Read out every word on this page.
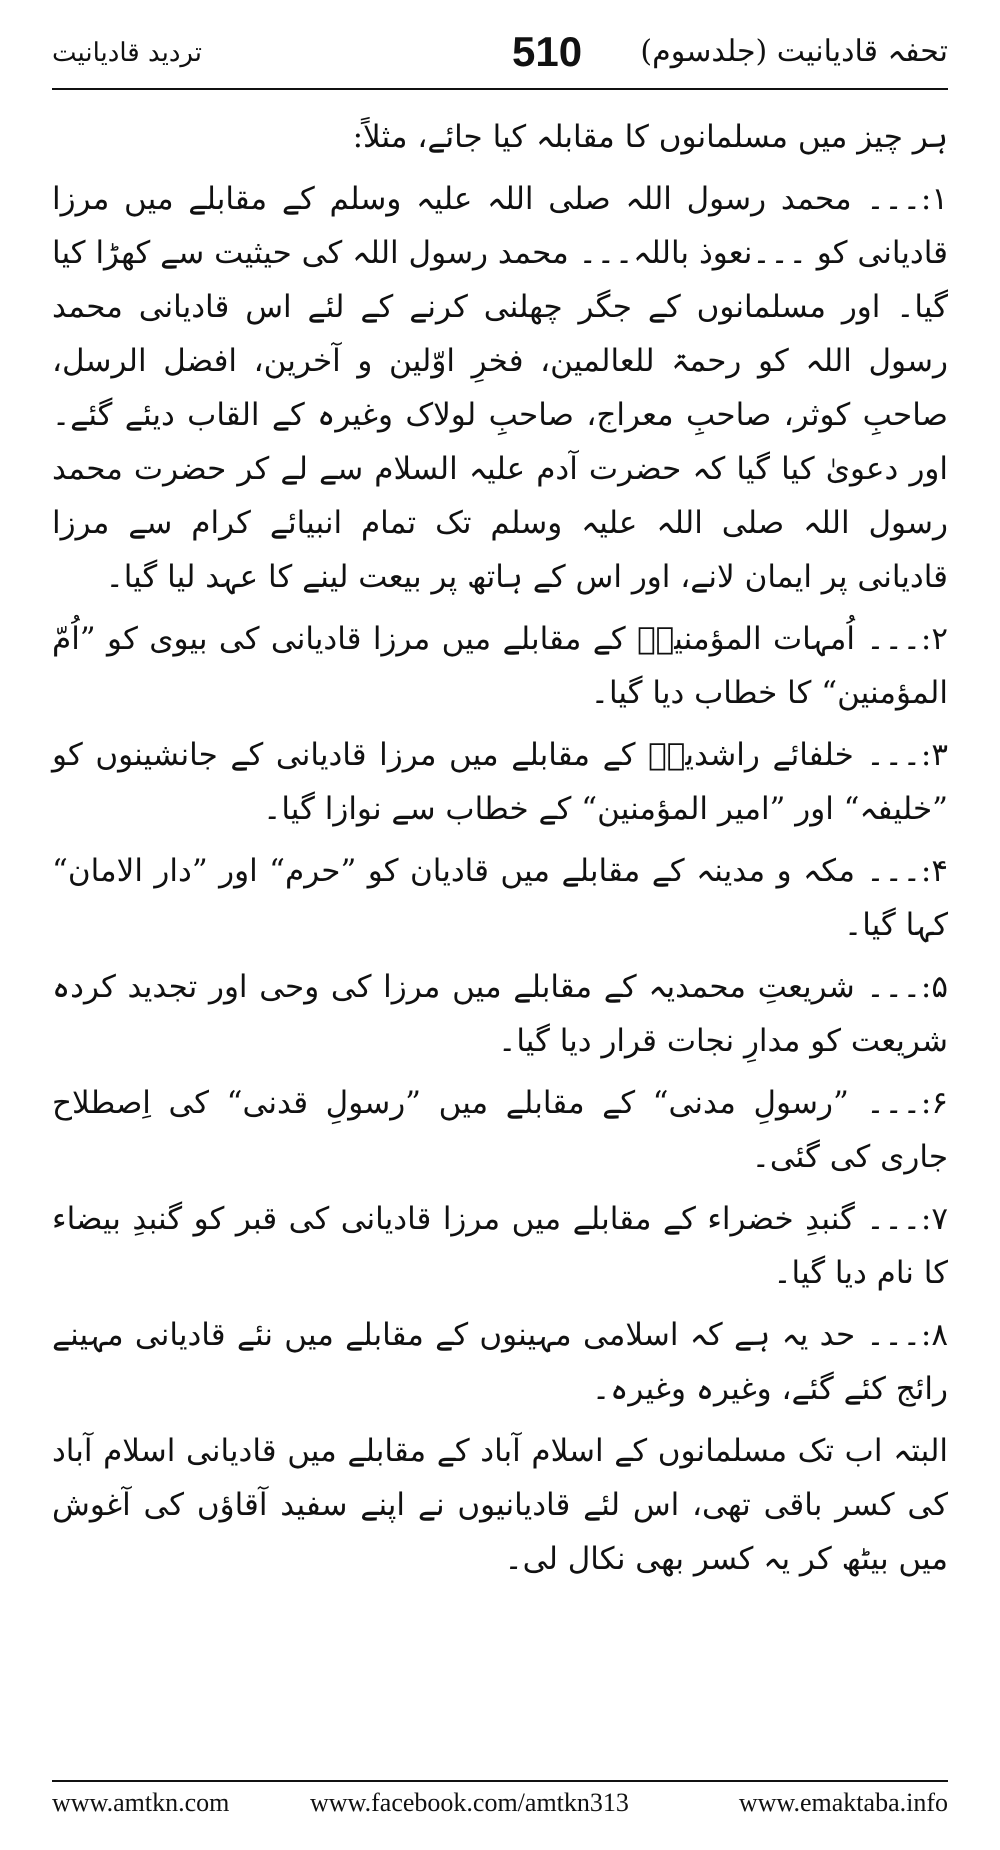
تحفہ قادیانیت (جلدسوم)
510
تردید قادیانیت

ہر چیز میں مسلمانوں کا مقابلہ کیا جائے، مثلاً:

۱:۔۔۔ محمد رسول اللہ صلی اللہ علیہ وسلم کے مقابلے میں مرزا قادیانی کو ۔۔۔نعوذ باللہ۔۔۔ محمد رسول اللہ کی حیثیت سے کھڑا کیا گیا۔ اور مسلمانوں کے جگر چھلنی کرنے کے لئے اس قادیانی محمد رسول اللہ کو رحمۃ للعالمین، فخرِ اوّلین و آخرین، افضل الرسل، صاحبِ کوثر، صاحبِ معراج، صاحبِ لولاک وغیرہ کے القاب دیئے گئے۔ اور دعویٰ کیا گیا کہ حضرت آدم علیہ السلام سے لے کر حضرت محمد رسول اللہ صلی اللہ علیہ وسلم تک تمام انبیائے کرام سے مرزا قادیانی پر ایمان لانے، اور اس کے ہاتھ پر بیعت لینے کا عہد لیا گیا۔

۲:۔۔۔ اُمہات المؤمنینؓ کے مقابلے میں مرزا قادیانی کی بیوی کو ”اُمّ المؤمنین“ کا خطاب دیا گیا۔

۳:۔۔۔ خلفائے راشدینؓ کے مقابلے میں مرزا قادیانی کے جانشینوں کو ”خلیفہ“ اور ”امیر المؤمنین“ کے خطاب سے نوازا گیا۔

۴:۔۔۔ مکہ و مدینہ کے مقابلے میں قادیان کو ”حرم“ اور ”دار الامان“ کہا گیا۔

۵:۔۔۔ شریعتِ محمدیہ کے مقابلے میں مرزا کی وحی اور تجدید کردہ شریعت کو مدارِ نجات قرار دیا گیا۔

۶:۔۔۔ ”رسولِ مدنی“ کے مقابلے میں ”رسولِ قدنی“ کی اِصطلاح جاری کی گئی۔

۷:۔۔۔ گنبدِ خضراء کے مقابلے میں مرزا قادیانی کی قبر کو گنبدِ بیضاء کا نام دیا گیا۔

۸:۔۔۔ حد یہ ہے کہ اسلامی مہینوں کے مقابلے میں نئے قادیانی مہینے رائج کئے گئے، وغیرہ وغیرہ۔

البتہ اب تک مسلمانوں کے اسلام آباد کے مقابلے میں قادیانی اسلام آباد کی کسر باقی تھی، اس لئے قادیانیوں نے اپنے سفید آقاؤں کی آغوش میں بیٹھ کر یہ کسر بھی نکال لی۔

www.amtkn.com	www.facebook.com/amtkn313	www.emaktaba.info
